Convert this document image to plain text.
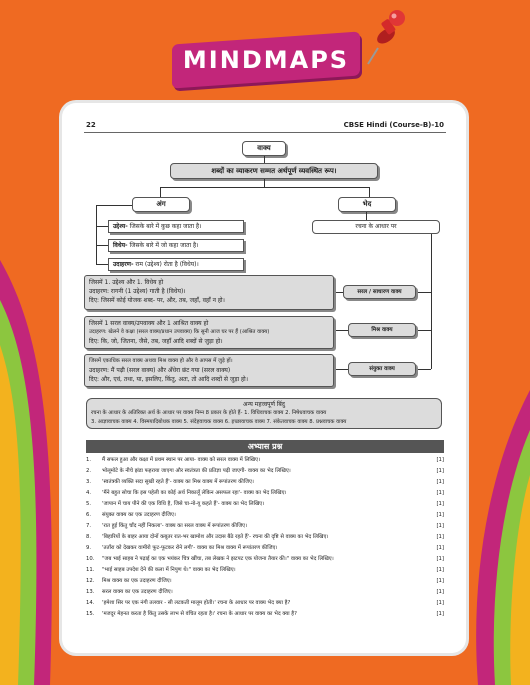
MINDMAPS
22	CBSE Hindi (Course-B)-10
वाक्य
शब्दों का व्याकरण सम्मत अर्थपूर्ण व्यवस्थित रूप।
अंग	भेद
उद्देश्य- जिसके बारे में कुछ कहा जाता है।
विधेय- जिसके बारे में जो कहा जाता है।
उदाहरण- राम (उद्देश्य) रोता है (विधेय)।
रचना के आधार पर
सरल / साधारण वाक्य
मिश्र वाक्य
संयुक्त वाक्य
जिसमें 1. उद्देश्य और 1. विधेय हो
उदाहरण: रागनी (1 उद्देश्य) गाती है (विधेय)।
दिए: जिसमें कोई योजक शब्द- पर, और, तब, जहाँ, वहाँ न हो।
जिसमें 1 सरल वाक्य/उपवाक्य और 1 आश्रित वाक्य हो
उदाहरण: खेलने वे कक्षा (सरल वाक्य/प्रधान उपवाक्य) कि सुनी आज घर पर हैं (आश्रित वाक्य)
दिए: कि, जो, जितना, जैसे, तब, जहाँ आदि शब्दों से जुड़ा हो।
जिसमें एकाधिक सरल वाक्य अथवा मिश्र वाक्य हो और वे आपस में जुड़े हों।
उदाहरण: मैं पढ़ी (सरल वाक्य) और अँधेरा छंट गया (सरल वाक्य)
दिए: और, एवं, तथा, या, इसलिए, किंतु, अतः, तो आदि शब्दों से जुड़ा हो।
अन्य महत्त्वपूर्ण बिंदु
रचना के आधार के अतिरिक्त अर्थ के आधार पर वाक्य निम्न 8 प्रकार के होते हैं- 1. विधिवाचक वाक्य 2. निषेधवाचक वाक्य
3. आज्ञावाचक वाक्य 4. विस्मयादिबोधक वाक्य 5. संदेहवाचक वाक्य 6. इच्छावाचक वाक्य 7. संकेतवाचक वाक्य 8. प्रश्नवाचक वाक्य
अभ्यास प्रश्न
1. मैं सफल हुआ और कक्षा में प्रथम स्थान पर आया- वाक्य को सरल वाक्य में लिखिए।	[1]
2. भोलूमोटे के नीचे झंडा फहराया जाएगा और स्वतंत्रता की प्रतिज्ञा पढ़ी जाएगी- वाक्य का भेद लिखिए।	[1]
3. 'स्वतंत्रकी व्यक्ति सदा सुखी रहते हैं'- वाक्य का मिश्र वाक्य में रूपांतरण कीजिए।	[1]
4. 'मैंने बहुत सोचा कि इस पहेली का कोई अर्थ निकालूँ लेकिन असफल रहा'- वाक्य का भेद लिखिए।	[1]
5. 'जापान में चाय पीने की एक विधि है, जिसे चा-नो-यू कहते हैं'- वाक्य का भेद लिखिए।	[1]
6. संयुक्त वाक्य का एक उदाहरण दीजिए।	[1]
7. 'रात हुई किंतु चाँद नहीं निकला'- वाक्य का सरल वाक्य में रूपांतरण कीजिए।	[1]
8. 'बिहारियों के बाहर आया दोनों कबूतर रात-भर खामोश और उदास बैठे रहते हैं'- रचना की दृष्टि से वाक्य का भेद लिखिए।	[1]
9. 'तताँरा को देखकर वामीरो फूट-फूटकर रोने लगी'- वाक्य का मिश्र वाक्य में रूपांतरण कीजिए।	[1]
10. "जब भाई साहब ने पढ़ाई का एक भयंकर चित्र खींचा, तब लेखक ने झटपट एक योजना तैयार की।" वाक्य का भेद लिखिए।	[1]
11. "भाई साहब उपदेश देने की कला में निपुण थे।" वाक्य का भेद लिखिए।	[1]
12. मिश्र वाक्य का एक उदाहरण दीजिए।	[1]
13. सरल वाक्य का एक उदाहरण दीजिए।	[1]
14. 'हमेशा सिर पर एक नंगी तलवार - सी लटकती मालूम होती।' रचना के आधार पर वाक्य भेद क्या है?	[1]
15. 'मजदूर मेहनत करता है किंतु उसके लाभ से वंचित रहता है।' रचना के आधार पर वाक्य का भेद क्या है?	[1]
